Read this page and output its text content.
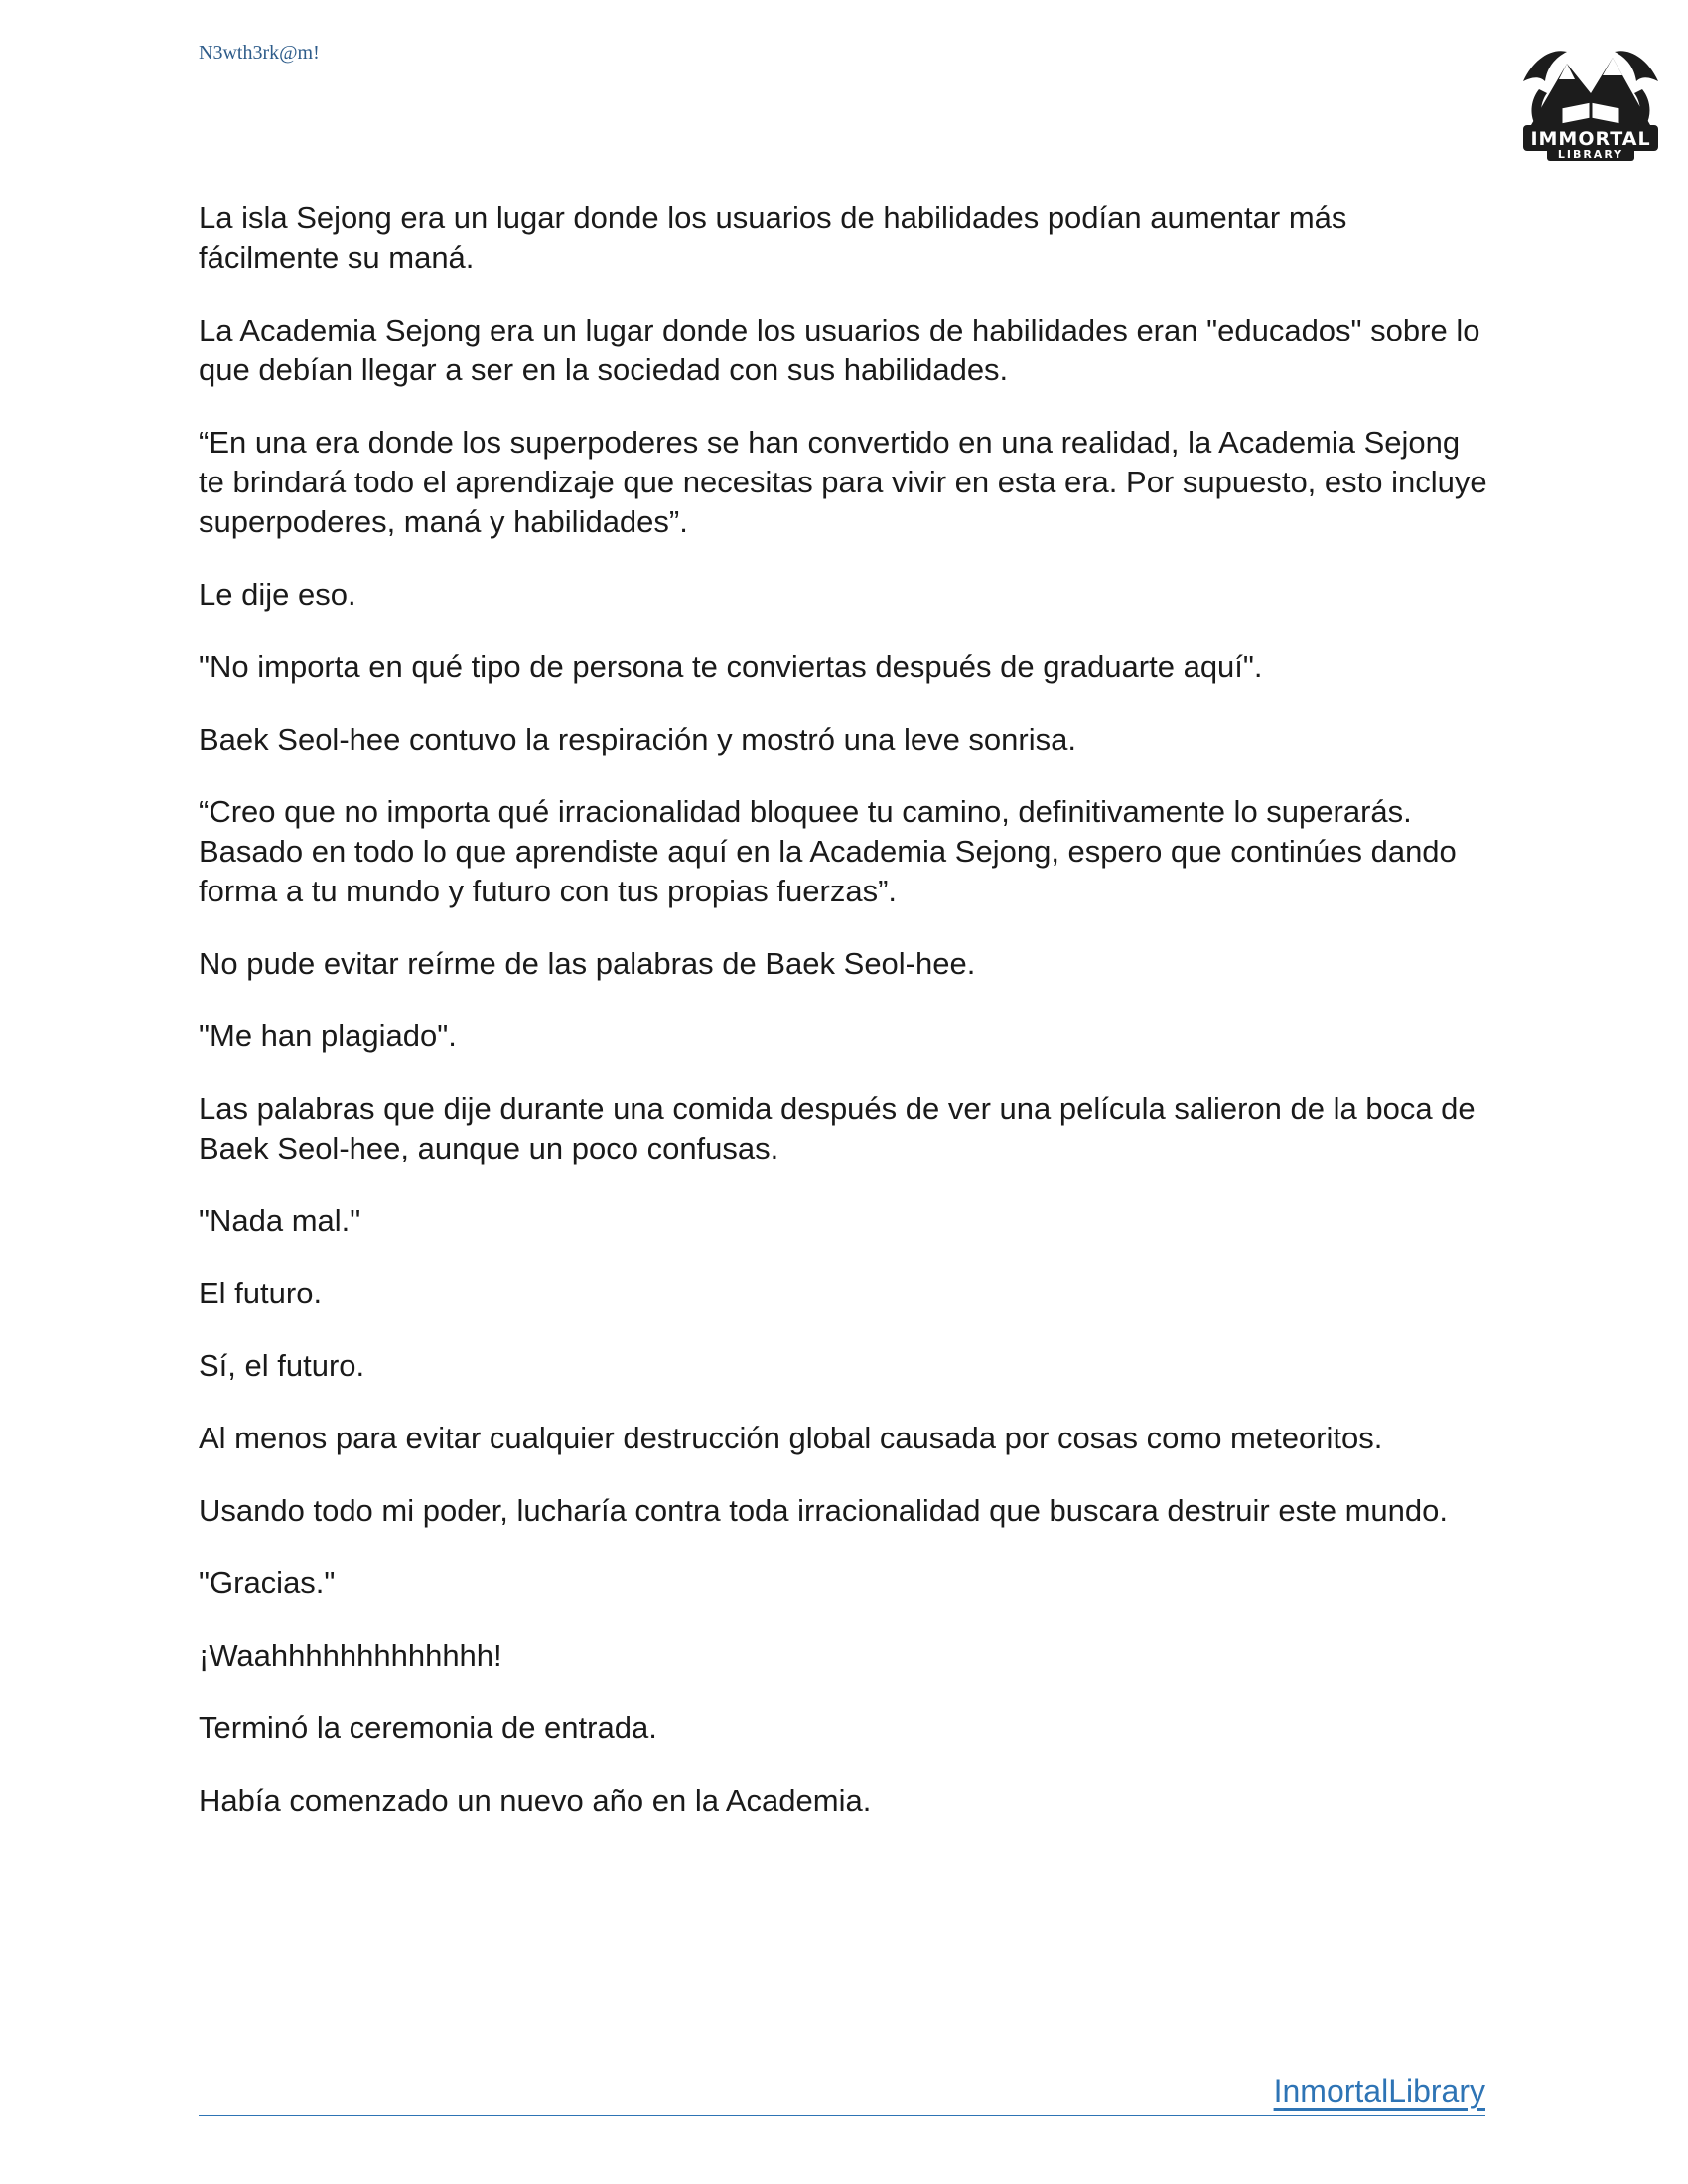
N3wth3rk@m!
IMMORTAL
LIBRARY

La isla Sejong era un lugar donde los usuarios de habilidades podían aumentar más fácilmente su maná.

La Academia Sejong era un lugar donde los usuarios de habilidades eran "educados" sobre lo que debían llegar a ser en la sociedad con sus habilidades.

“En una era donde los superpoderes se han convertido en una realidad, la Academia Sejong te brindará todo el aprendizaje que necesitas para vivir en esta era. Por supuesto, esto incluye superpoderes, maná y habilidades”.

Le dije eso.

"No importa en qué tipo de persona te conviertas después de graduarte aquí".

Baek Seol-hee contuvo la respiración y mostró una leve sonrisa.

“Creo que no importa qué irracionalidad bloquee tu camino, definitivamente lo superarás. Basado en todo lo que aprendiste aquí en la Academia Sejong, espero que continúes dando forma a tu mundo y futuro con tus propias fuerzas”.

No pude evitar reírme de las palabras de Baek Seol-hee.

"Me han plagiado".

Las palabras que dije durante una comida después de ver una película salieron de la boca de Baek Seol-hee, aunque un poco confusas.

"Nada mal."

El futuro.

Sí, el futuro.

Al menos para evitar cualquier destrucción global causada por cosas como meteoritos.

Usando todo mi poder, lucharía contra toda irracionalidad que buscara destruir este mundo.

"Gracias."

¡Waahhhhhhhhhhhhh!

Terminó la ceremonia de entrada.

Había comenzado un nuevo año en la Academia.

InmortalLibrary
